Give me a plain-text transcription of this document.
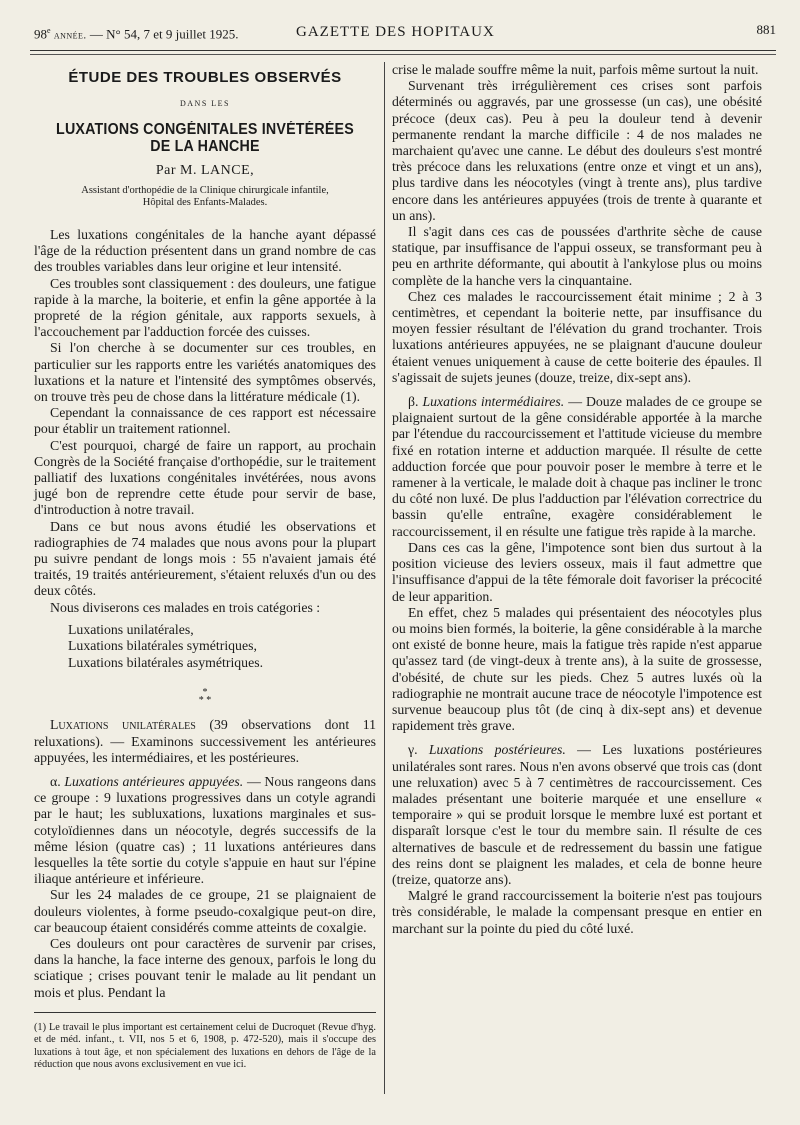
98e année. — N° 54, 7 et 9 juillet 1925.	GAZETTE DES HOPITAUX	881
ÉTUDE DES TROUBLES OBSERVÉS
DANS LES
LUXATIONS CONGÉNITALES INVÉTÉRÉES DE LA HANCHE
Par M. LANCE,
Assistant d'orthopédie de la Clinique chirurgicale infantile,
Hôpital des Enfants-Malades.

Les luxations congénitales de la hanche ayant dépassé l'âge de la réduction présentent dans un grand nombre de cas des troubles variables dans leur origine et leur intensité.

Ces troubles sont classiquement : des douleurs, une fatigue rapide à la marche, la boiterie, et enfin la gêne apportée à la propreté de la région génitale, aux rapports sexuels, à l'accouchement par l'adduction forcée des cuisses.

Si l'on cherche à se documenter sur ces troubles, en particulier sur les rapports entre les variétés anatomiques des luxations et la nature et l'intensité des symptômes observés, on trouve très peu de chose dans la littérature médicale (1).

Cependant la connaissance de ces rapport est nécessaire pour établir un traitement rationnel.

C'est pourquoi, chargé de faire un rapport, au prochain Congrès de la Société française d'orthopédie, sur le traitement palliatif des luxations congénitales invétérées, nous avons jugé bon de reprendre cette étude pour servir de base, d'introduction à notre travail.

Dans ce but nous avons étudié les observations et radiographies de 74 malades que nous avons pour la plupart pu suivre pendant de longs mois : 55 n'avaient jamais été traités, 19 traités antérieurement, s'étaient reluxés d'un ou des deux côtés.

Nous diviserons ces malades en trois catégories :

Luxations unilatérales,
Luxations bilatérales symétriques,
Luxations bilatérales asymétriques.
*
* *

Luxations unilatérales (39 observations dont 11 reluxations). — Examinons successivement les antérieures appuyées, les intermédiaires, et les postérieures.

α. Luxations antérieures appuyées. — Nous rangeons dans ce groupe : 9 luxations progressives dans un cotyle agrandi par le haut; les subluxations, luxations marginales et sus-cotyloïdiennes dans un néocotyle, degrés successifs de la même lésion (quatre cas) ; 11 luxations antérieures dans lesquelles la tête sortie du cotyle s'appuie en haut sur l'épine iliaque antérieure et inférieure.

Sur les 24 malades de ce groupe, 21 se plaignaient de douleurs violentes, à forme pseudo-coxalgique peut-on dire, car beaucoup étaient considérés comme atteints de coxalgie.

Ces douleurs ont pour caractères de survenir par crises, dans la hanche, la face interne des genoux, parfois le long du sciatique ; crises pouvant tenir le malade au lit pendant un mois et plus. Pendant la

(1) Le travail le plus important est certainement celui de Ducroquet (Revue d'hyg. et de méd. infant., t. VII, nos 5 et 6, 1908, p. 472-520), mais il s'occupe des luxations à tout âge, et non spécialement des luxations en dehors de l'âge de la réduction que nous avons exclusivement en vue ici.

crise le malade souffre même la nuit, parfois même surtout la nuit.

Survenant très irrégulièrement ces crises sont parfois déterminés ou aggravés, par une grossesse (un cas), une obésité précoce (deux cas). Peu à peu la douleur tend à devenir permanente rendant la marche difficile : 4 de nos malades ne marchaient qu'avec une canne. Le début des douleurs s'est montré très précoce dans les reluxations (entre onze et vingt et un ans), plus tardive dans les néocotyles (vingt à trente ans), plus tardive encore dans les antérieures appuyées (trois de trente à quarante et un ans).

Il s'agit dans ces cas de poussées d'arthrite sèche de cause statique, par insuffisance de l'appui osseux, se transformant peu à peu en arthrite déformante, qui aboutit à l'ankylose plus ou moins complète de la hanche vers la cinquantaine.

Chez ces malades le raccourcissement était minime ; 2 à 3 centimètres, et cependant la boiterie nette, par insuffisance du moyen fessier résultant de l'élévation du grand trochanter. Trois luxations antérieures appuyées, ne se plaignant d'aucune douleur étaient venues uniquement à cause de cette boiterie des épaules. Il s'agissait de sujets jeunes (douze, treize, dix-sept ans).

β. Luxations intermédiaires. — Douze malades de ce groupe se plaignaient surtout de la gêne considérable apportée à la marche par l'étendue du raccourcissement et l'attitude vicieuse du membre fixé en rotation interne et adduction marquée. Il résulte de cette adduction forcée que pour pouvoir poser le membre à terre et le ramener à la verticale, le malade doit à chaque pas incliner le tronc du côté non luxé. De plus l'adduction par l'élévation correctrice du bassin qu'elle entraîne, exagère considérablement le raccourcissement, il en résulte une fatigue très rapide à la marche.

Dans ces cas la gêne, l'impotence sont bien dus surtout à la position vicieuse des leviers osseux, mais il faut admettre que l'insuffisance d'appui de la tête fémorale doit favoriser la précocité de leur apparition.

En effet, chez 5 malades qui présentaient des néocotyles plus ou moins bien formés, la boiterie, la gêne considérable à la marche ont existé de bonne heure, mais la fatigue très rapide n'est apparue qu'assez tard (de vingt-deux à trente ans), à la suite de grossesse, d'obésité, de chute sur les pieds. Chez 5 autres luxés où la radiographie ne montrait aucune trace de néocotyle l'impotence est survenue beaucoup plus tôt (de cinq à dix-sept ans) et devenue rapidement très grave.

γ. Luxations postérieures. — Les luxations postérieures unilatérales sont rares. Nous n'en avons observé que trois cas (dont une reluxation) avec 5 à 7 centimètres de raccourcissement. Ces malades présentant une boiterie marquée et une ensellure « temporaire » qui se produit lorsque le membre luxé est portant et disparaît lorsque c'est le tour du membre sain. Il résulte de ces alternatives de bascule et de redressement du bassin une fatigue des reins dont se plaignent les malades, et cela de bonne heure (treize, quatorze ans).

Malgré le grand raccourcissement la boiterie n'est pas toujours très considérable, le malade la compensant presque en entier en marchant sur la pointe du pied du côté luxé.
